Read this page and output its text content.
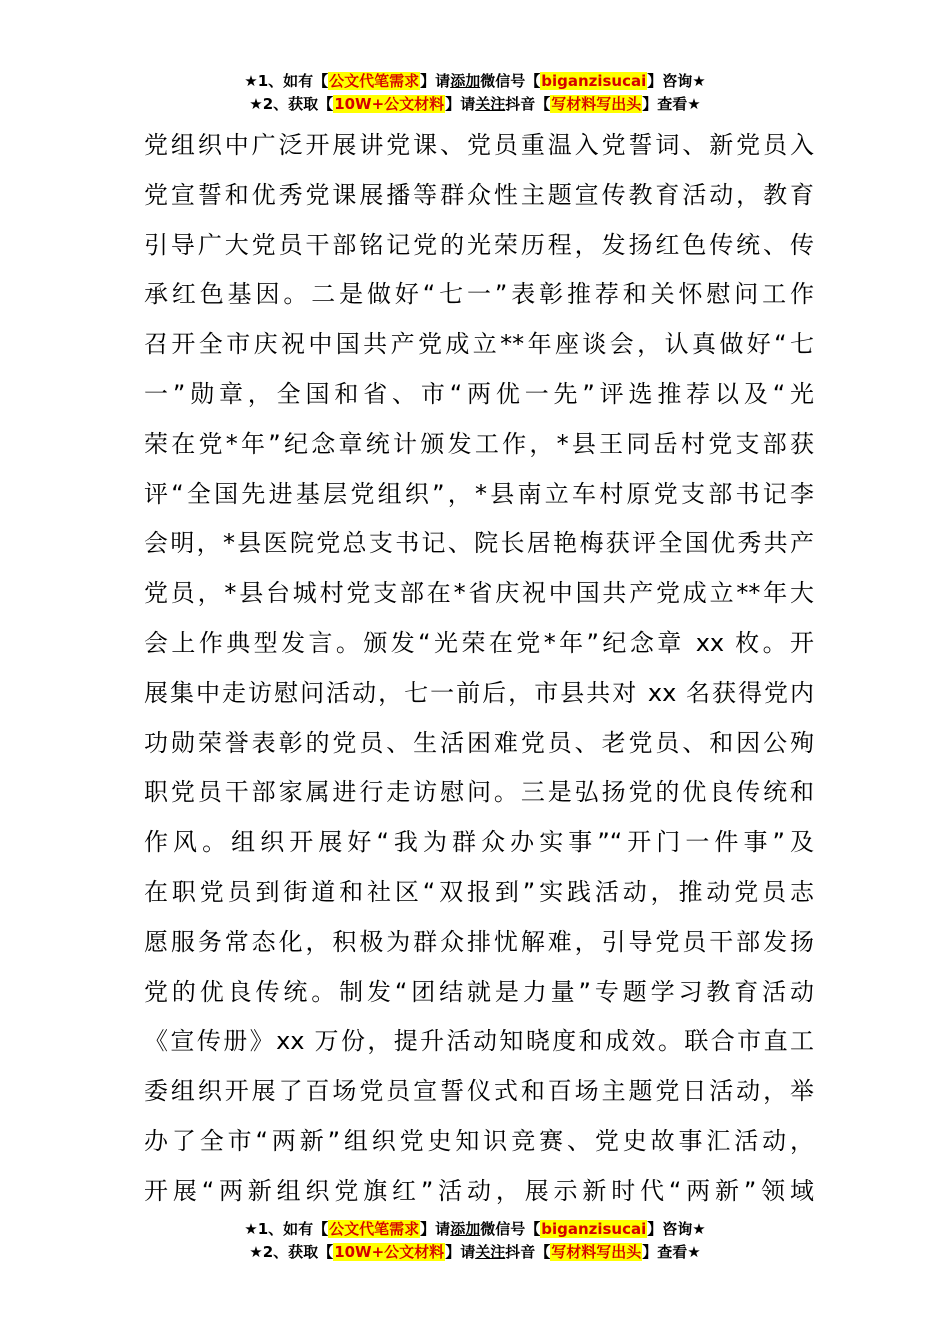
★1、如有【公文代笔需求】请添加微信号【biganzisucai】咨询★
★2、获取【10W+公文材料】请关注抖音【写材料写出头】查看★
党组织中广泛开展讲党课、党员重温入党誓词、新党员入
党宣誓和优秀党课展播等群众性主题宣传教育活动，教育
引导广大党员干部铭记党的光荣历程，发扬红色传统、传
承红色基因。二是做好“七一”表彰推荐和关怀慰问工作
召开全市庆祝中国共产党成立**年座谈会，认真做好“七
一”勋章，全国和省、市“两优一先”评选推荐以及“光
荣在党*年”纪念章统计颁发工作，*县王同岳村党支部获
评“全国先进基层党组织”，*县南立车村原党支部书记李
会明，*县医院党总支书记、院长居艳梅获评全国优秀共产
党员，*县台城村党支部在*省庆祝中国共产党成立**年大
会上作典型发言。颁发“光荣在党*年”纪念章 xx 枚。开
展集中走访慰问活动，七一前后，市县共对 xx 名获得党内
功勋荣誉表彰的党员、生活困难党员、老党员、和因公殉
职党员干部家属进行走访慰问。三是弘扬党的优良传统和
作风。组织开展好“我为群众办实事”“开门一件事”及
在职党员到街道和社区“双报到”实践活动，推动党员志
愿服务常态化，积极为群众排忧解难，引导党员干部发扬
党的优良传统。制发“团结就是力量”专题学习教育活动
《宣传册》xx 万份，提升活动知晓度和成效。联合市直工
委组织开展了百场党员宣誓仪式和百场主题党日活动，举
办了全市“两新”组织党史知识竞赛、党史故事汇活动，
开展“两新组织党旗红”活动，展示新时代“两新”领域
★1、如有【公文代笔需求】请添加微信号【biganzisucai】咨询★
★2、获取【10W+公文材料】请关注抖音【写材料写出头】查看★
